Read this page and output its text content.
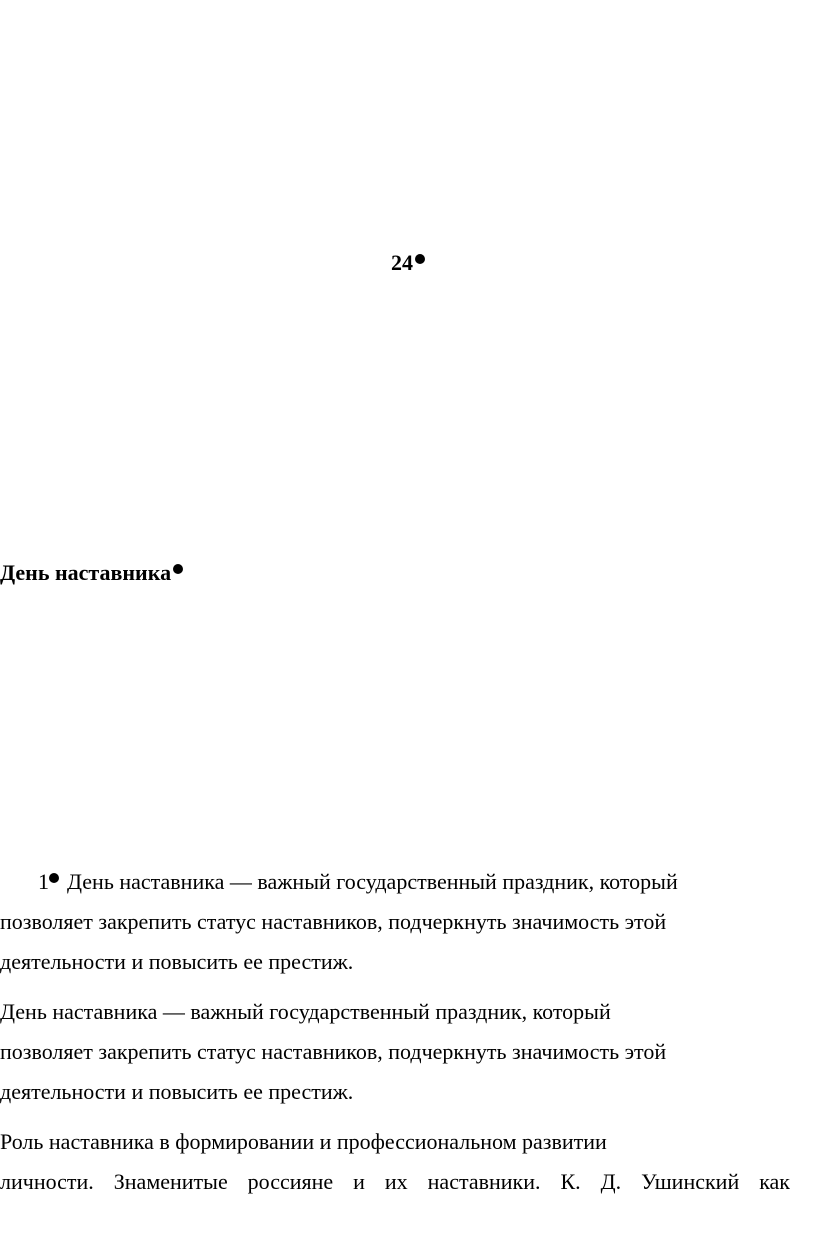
24
День наставника

1 День наставника — важный государственный праздник, который
позволяет закрепить статус наставников, подчеркнуть значимость этой
деятельности и повысить ее престиж.

День наставника — важный государственный праздник, который
позволяет закрепить статус наставников, подчеркнуть значимость этой
деятельности и повысить ее престиж.

Роль наставника в формировании и профессиональном развитии

личности. Знаменитые россияне и их наставники. К. Д. Ушинский как
